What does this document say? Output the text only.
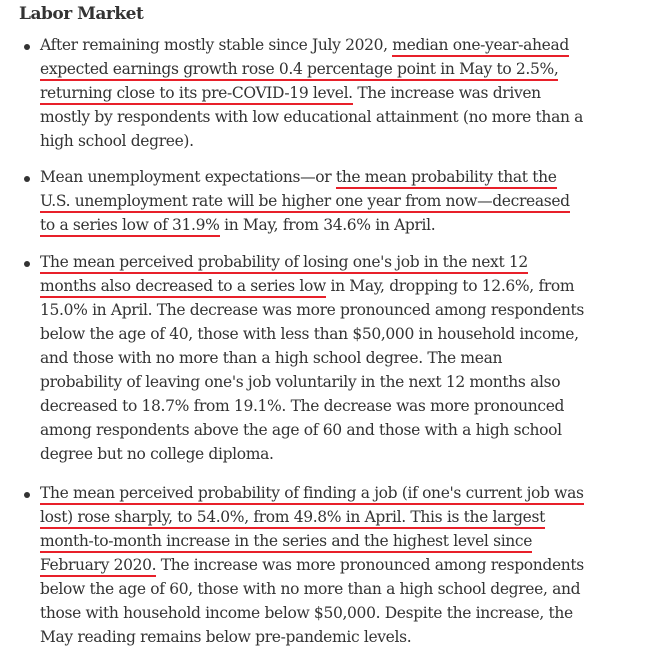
Labor Market
After remaining mostly stable since July 2020, median one-year-ahead
expected earnings growth rose 0.4 percentage point in May to 2.5%,
returning close to its pre-COVID-19 level. The increase was driven
mostly by respondents with low educational attainment (no more than a
high school degree).
Mean unemployment expectations—or the mean probability that the
U.S. unemployment rate will be higher one year from now—decreased
to a series low of 31.9% in May, from 34.6% in April.
The mean perceived probability of losing one's job in the next 12
months also decreased to a series low in May, dropping to 12.6%, from
15.0% in April. The decrease was more pronounced among respondents
below the age of 40, those with less than $50,000 in household income,
and those with no more than a high school degree. The mean
probability of leaving one's job voluntarily in the next 12 months also
decreased to 18.7% from 19.1%. The decrease was more pronounced
among respondents above the age of 60 and those with a high school
degree but no college diploma.
The mean perceived probability of finding a job (if one's current job was
lost) rose sharply, to 54.0%, from 49.8% in April. This is the largest
month-to-month increase in the series and the highest level since
February 2020. The increase was more pronounced among respondents
below the age of 60, those with no more than a high school degree, and
those with household income below $50,000. Despite the increase, the
May reading remains below pre-pandemic levels.
